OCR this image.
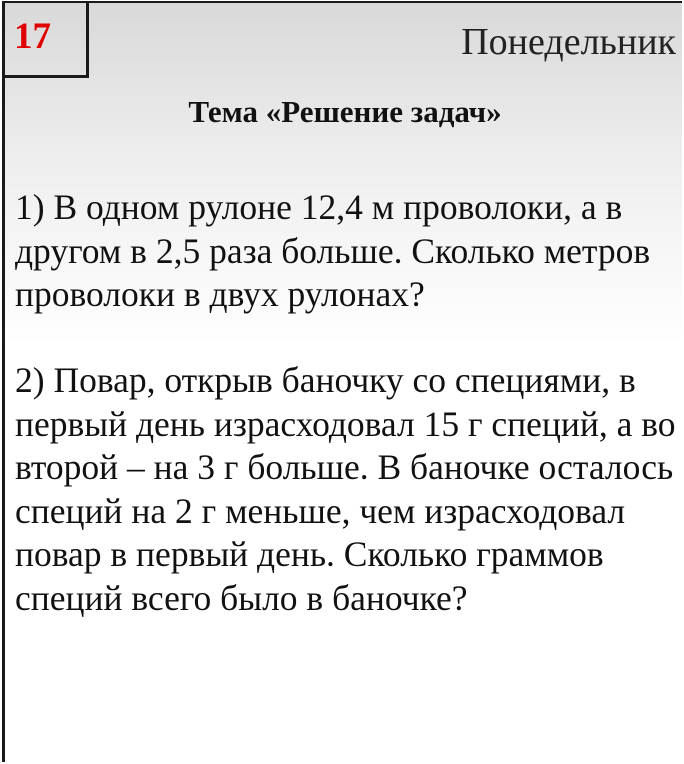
17	Понедельник
Тема «Решение задач»

1) В одном рулоне 12,4 м проволоки, а в другом в 2,5 раза больше. Сколько метров проволоки в двух рулонах?

2) Повар, открыв баночку со специями, в первый день израсходовал 15 г специй, а во второй – на 3 г больше. В баночке осталось специй на 2 г меньше, чем израсходовал повар в первый день. Сколько граммов специй всего было в баночке?
